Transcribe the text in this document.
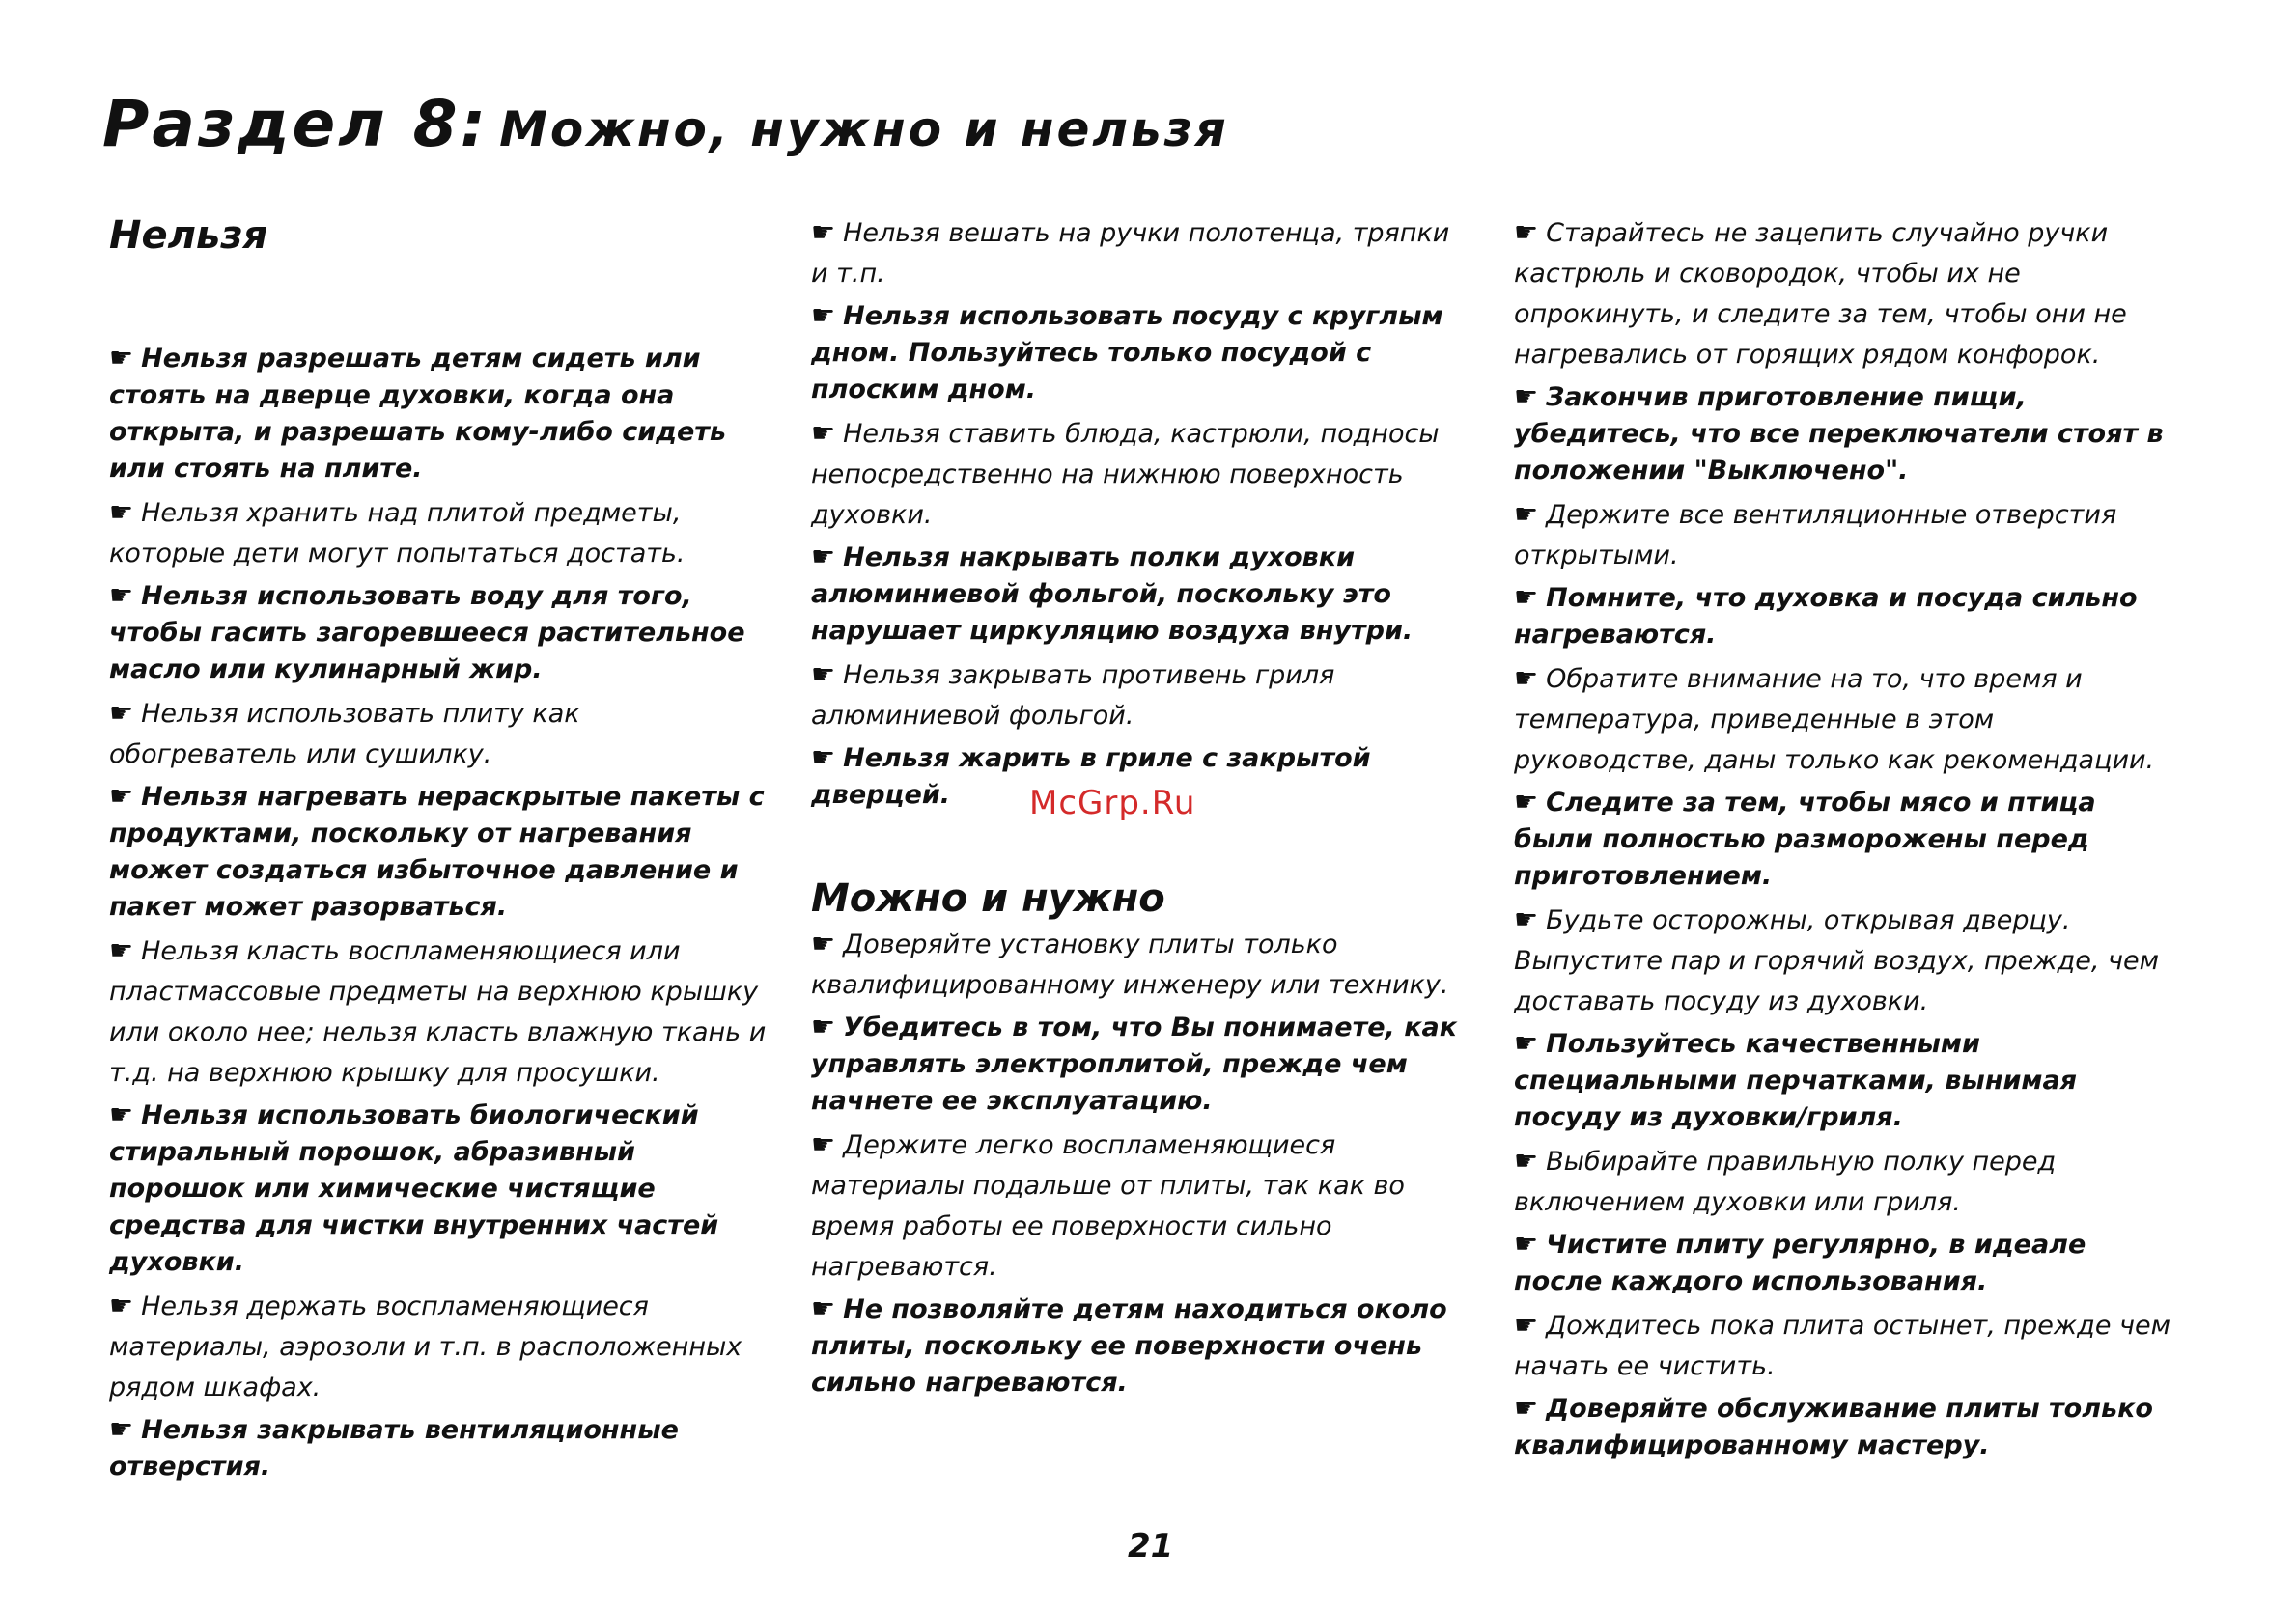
Раздел 8: Можно, нужно и нельзя
Нельзя

☛ Нельзя разрешать детям сидеть или стоять на дверце духовки, когда она открыта, и разрешать кому-либо сидеть или стоять на плите.

☛ Нельзя хранить над плитой предметы, которые дети могут попытаться достать.

☛ Нельзя использовать воду для того, чтобы гасить загоревшееся растительное масло или кулинарный жир.

☛ Нельзя использовать плиту как обогреватель или сушилку.

☛ Нельзя нагревать нераскрытые пакеты с продуктами, поскольку от нагревания может создаться избыточное давление и пакет может разорваться.

☛ Нельзя класть воспламеняющиеся или пластмассовые предметы на верхнюю крышку или около нее; нельзя класть влажную ткань и т.д. на верхнюю крышку для просушки.

☛ Нельзя использовать биологический стиральный порошок, абразивный порошок или химические чистящие средства для чистки внутренних частей духовки.

☛ Нельзя держать воспламеняющиеся материалы, аэрозоли и т.п. в расположенных рядом шкафах.

☛ Нельзя закрывать вентиляционные отверстия.

☛ Нельзя вешать на ручки полотенца, тряпки и т.п.

☛ Нельзя использовать посуду с круглым дном. Пользуйтесь только посудой с плоским дном.

☛ Нельзя ставить блюда, кастрюли, подносы непосредственно на нижнюю поверхность духовки.

☛ Нельзя накрывать полки духовки алюминиевой фольгой, поскольку это нарушает циркуляцию воздуха внутри.

☛ Нельзя закрывать противень гриля алюминиевой фольгой.

☛ Нельзя жарить в гриле с закрытой дверцей.

Можно и нужно

☛ Доверяйте установку плиты только квалифицированному инженеру или технику.

☛ Убедитесь в том, что Вы понимаете, как управлять электроплитой, прежде чем начнете ее эксплуатацию.

☛ Держите легко воспламеняющиеся материалы подальше от плиты, так как во время работы ее поверхности сильно нагреваются.

☛ Не позволяйте детям находиться около плиты, поскольку ее поверхности очень сильно нагреваются.

☛ Старайтесь не зацепить случайно ручки кастрюль и сковородок, чтобы их не опрокинуть, и следите за тем, чтобы они не нагревались от горящих рядом конфорок.

☛ Закончив приготовление пищи, убедитесь, что все переключатели стоят в положении "Выключено".

☛ Держите все вентиляционные отверстия открытыми.

☛ Помните, что духовка и посуда сильно нагреваются.

☛ Обратите внимание на то, что время и температура, приведенные в этом руководстве, даны только как рекомендации.

☛ Следите за тем, чтобы мясо и птица были полностью разморожены перед приготовлением.

☛ Будьте осторожны, открывая дверцу. Выпустите пар и горячий воздух, прежде, чем доставать посуду из духовки.

☛ Пользуйтесь качественными специальными перчатками, вынимая посуду из духовки/гриля.

☛ Выбирайте правильную полку перед включением духовки или гриля.

☛ Чистите плиту регулярно, в идеале после каждого использования.

☛ Дождитесь пока плита остынет, прежде чем начать ее чистить.

☛ Доверяйте обслуживание плиты только квалифицированному мастеру.

McGrp.Ru
21
